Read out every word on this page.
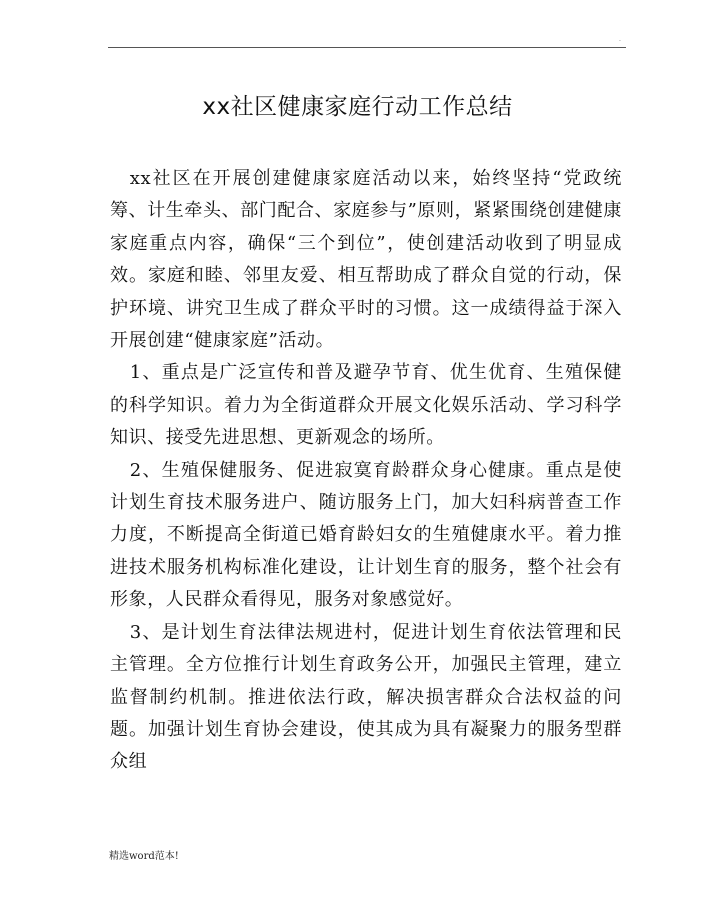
.
xx社区健康家庭行动工作总结

xx社区在开展创建健康家庭活动以来，始终坚持“党政统筹、计生牵头、部门配合、家庭参与”原则，紧紧围绕创建健康家庭重点内容，确保“三个到位”，使创建活动收到了明显成效。家庭和睦、邻里友爱、相互帮助成了群众自觉的行动，保护环境、讲究卫生成了群众平时的习惯。这一成绩得益于深入开展创建“健康家庭”活动。

1、重点是广泛宣传和普及避孕节育、优生优育、生殖保健的科学知识。着力为全街道群众开展文化娱乐活动、学习科学知识、接受先进思想、更新观念的场所。

2、生殖保健服务、促进寂寞育龄群众身心健康。重点是使计划生育技术服务进户、随访服务上门，加大妇科病普查工作力度，不断提高全街道已婚育龄妇女的生殖健康水平。着力推进技术服务机构标准化建设，让计划生育的服务，整个社会有形象，人民群众看得见，服务对象感觉好。

3、是计划生育法律法规进村，促进计划生育依法管理和民主管理。全方位推行计划生育政务公开，加强民主管理，建立监督制约机制。推进依法行政，解决损害群众合法权益的问题。加强计划生育协会建设，使其成为具有凝聚力的服务型群众组

精选word范本!
